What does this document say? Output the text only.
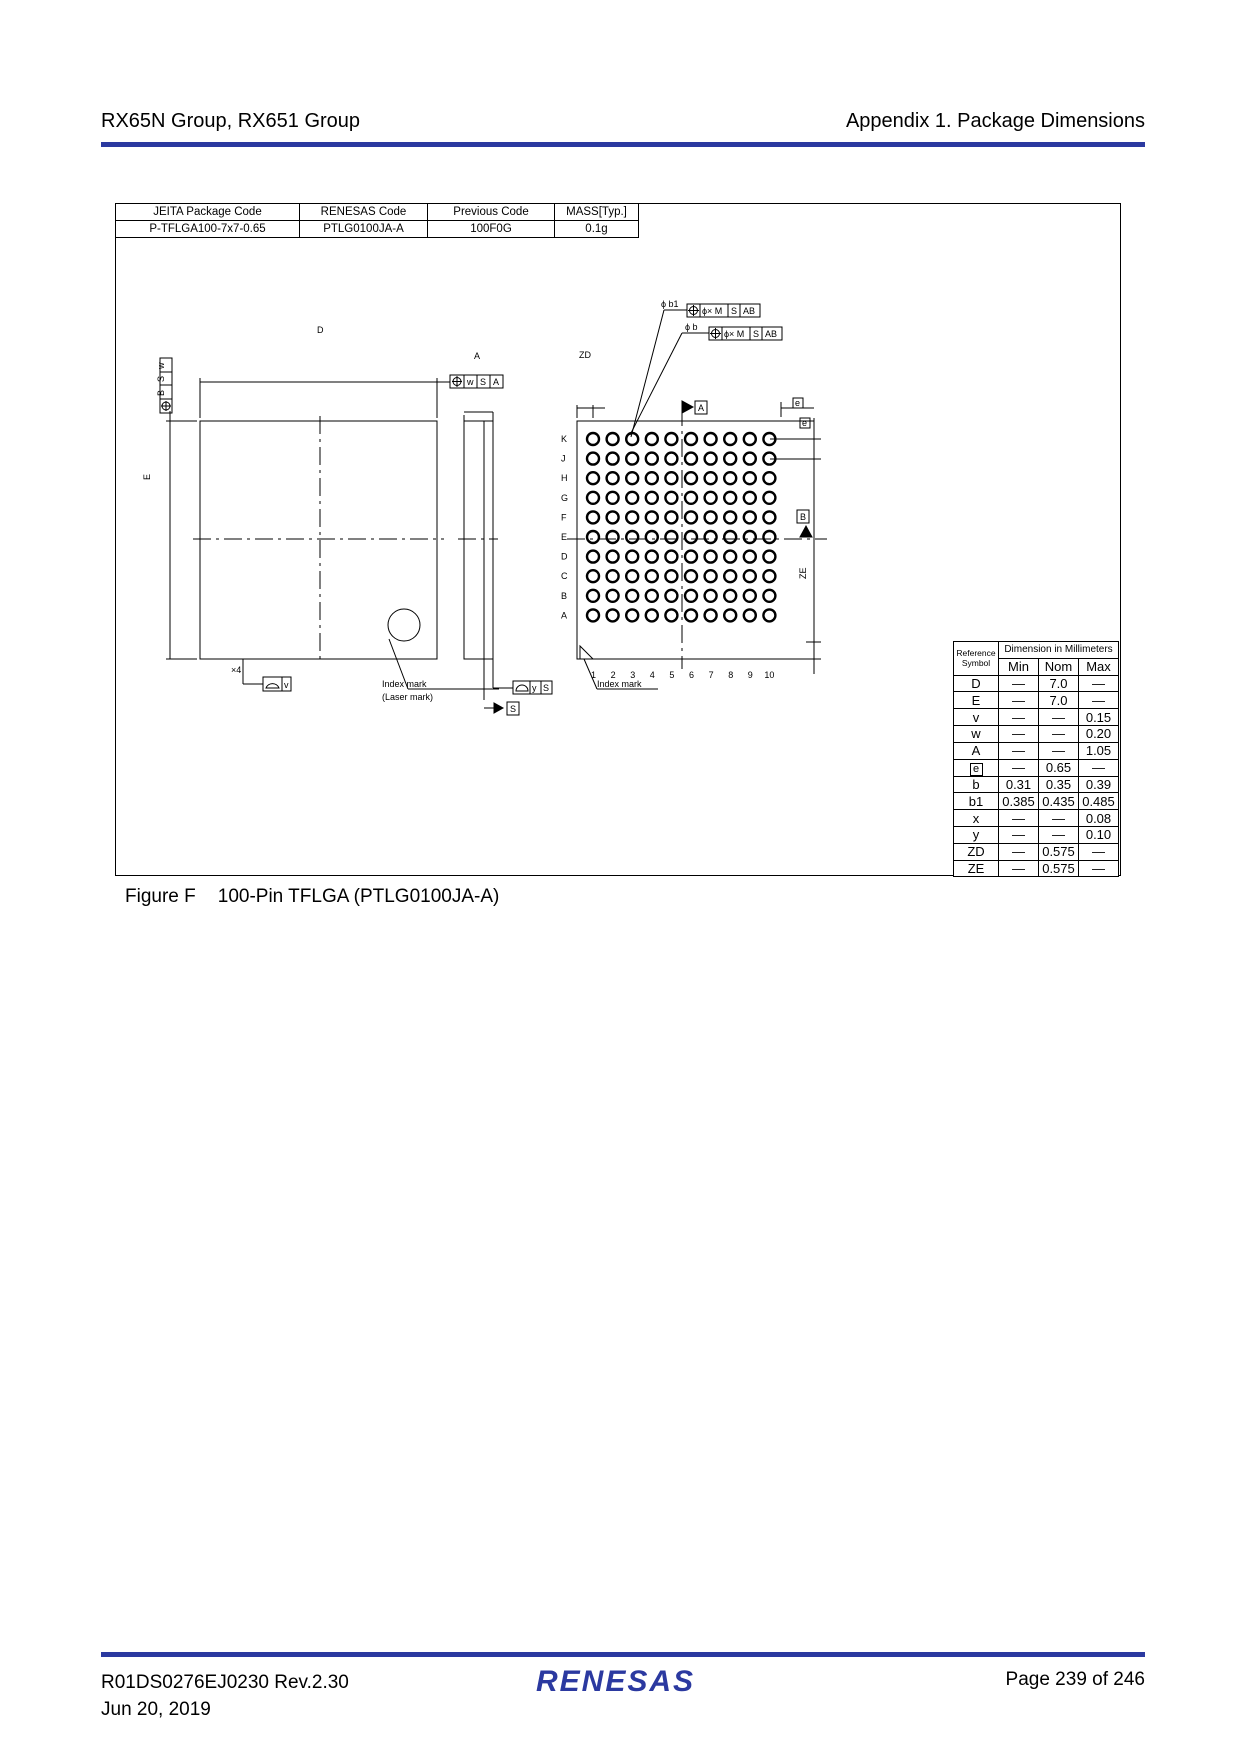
RX65N Group, RX651 Group	Appendix 1. Package Dimensions
JEITA Package Code	RENESAS Code	Previous Code	MASS[Typ.]
P-TFLGA100-7x7-0.65	PTLG0100JA-A	100F0G	0.1g
K
J
H
G
F
E
D
C
B
A
1 2 3 4 5 6 7 8 9 10
D
E
A	ZD
ZE
×4
v	Index mark
(Laser mark)
Index mark
ϕ b1
ϕ b
A
B
S
e
e
w
S
B
w S A
y S
ϕ× M S AB
ϕ× M S AB
Reference
Symbol	Dimension in Millimeters		
	Min	Nom	Max
D	—	7.0	—
E	—	7.0	—
v	—	—	0.15
w	—	—	0.20
A	—	—	1.05
e	—	0.65	—
b	0.31	0.35	0.39
b1	0.385	0.435	0.485
x	—	—	0.08
y	—	—	0.10
ZD	—	0.575	—
ZE	—	0.575	—
Figure F 100-Pin TFLGA (PTLG0100JA-A)
R01DS0276EJ0230 Rev.2.30
Jun 20, 2019
RENESAS	Page 239 of 246
